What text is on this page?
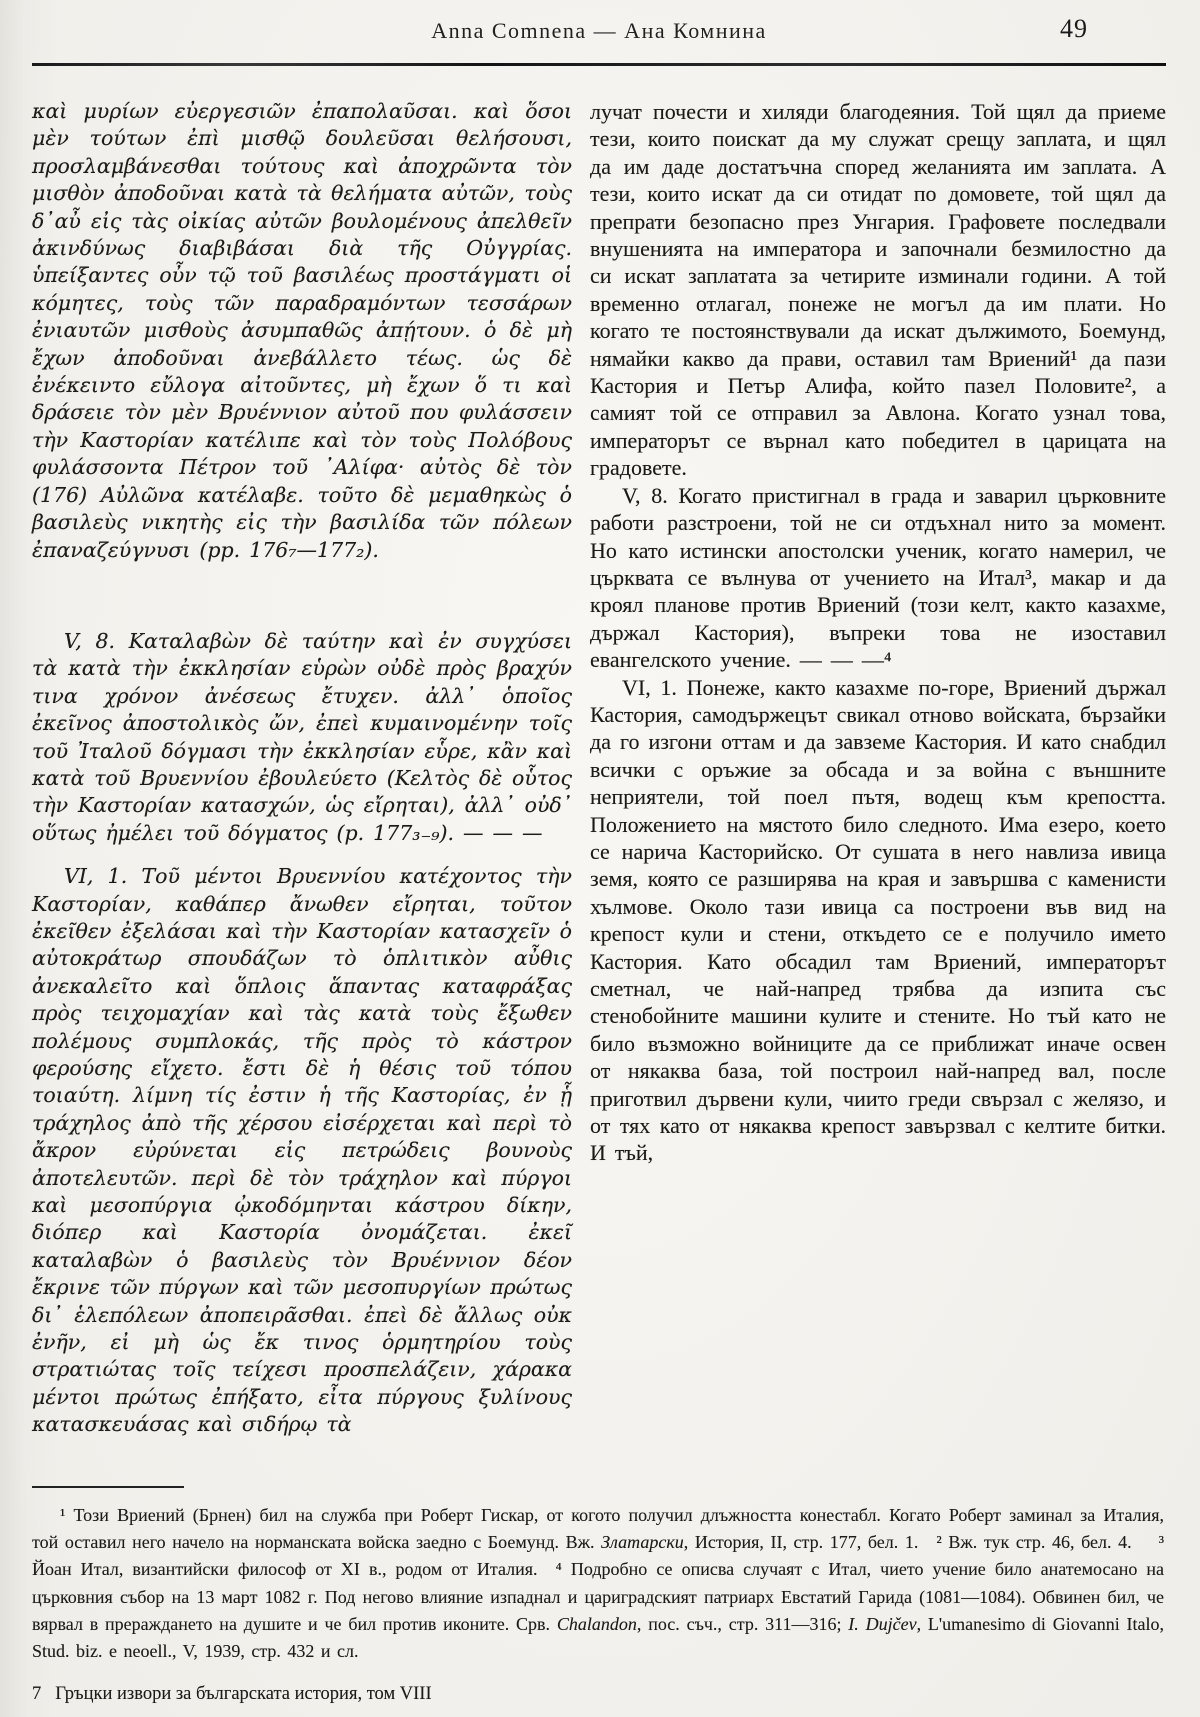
Anna Comnena — Ана Комнина	49

καὶ μυρίων εὐεργεσιῶν ἐπαπολαῦσαι. καὶ ὅσοι μὲν τούτων ἐπὶ μισθῷ δουλεῦσαι θελήσουσι, προσλαμβάνεσθαι τούτους καὶ ἀποχρῶντα τὸν μισθὸν ἀποδοῦναι κατὰ τὰ θελήματα αὐτῶν, τοὺς δ᾽αὖ εἰς τὰς οἰκίας αὐτῶν βουλομένους ἀπελθεῖν ἀκινδύνως διαβιβάσαι διὰ τῆς Οὐγγρίας. ὑπείξαντες οὖν τῷ τοῦ βασιλέως προστάγματι οἱ κόμητες, τοὺς τῶν παραδραμόντων τεσσάρων ἐνιαυτῶν μισθοὺς ἀσυμπαθῶς ἀπῄτουν. ὁ δὲ μὴ ἔχων ἀποδοῦναι ἀνεβάλλετο τέως. ὡς δὲ ἐνέκειντο εὔλογα αἰτοῦντες, μὴ ἔχων ὅ τι καὶ δράσειε τὸν μὲν Βρυέννιον αὐτοῦ που φυλάσσειν τὴν Καστορίαν κατέλιπε καὶ τὸν τοὺς Πολόβους φυλάσσοντα Πέτρον τοῦ ᾽Αλίφα· αὐτὸς δὲ τὸν (176) Αὐλῶνα κατέλαβε. τοῦτο δὲ μεμαθηκὼς ὁ βασιλεὺς νικητὴς εἰς τὴν βασιλίδα τῶν πόλεων ἐπαναζεύγνυσι (pp. 176₇—177₂).

V, 8. Καταλαβὼν δὲ ταύτην καὶ ἐν συγχύσει τὰ κατὰ τὴν ἐκκλησίαν εὑρὼν οὐδὲ πρὸς βραχύν τινα χρόνον ἀνέσεως ἔτυχεν. ἀλλ᾽ ὁποῖος ἐκεῖνος ἀποστολικὸς ὤν, ἐπεὶ κυμαινομένην τοῖς τοῦ Ἰταλοῦ δόγμασι τὴν ἐκκλησίαν εὗρε, κἂν καὶ κατὰ τοῦ Βρυεννίου ἐβουλεύετο (Κελτὸς δὲ οὗτος τὴν Καστορίαν κατασχών, ὡς εἴρηται), ἀλλ᾽ οὐδ᾽ οὕτως ἠμέλει τοῦ δόγματος (p. 177₃₋₉). — — —

VI, 1. Τοῦ μέντοι Βρυεννίου κατέχοντος τὴν Καστορίαν, καθάπερ ἄνωθεν εἴρηται, τοῦτον ἐκεῖθεν ἐξελάσαι καὶ τὴν Καστορίαν κατασχεῖν ὁ αὐτοκράτωρ σπουδάζων τὸ ὁπλιτικὸν αὖθις ἀνεκαλεῖτο καὶ ὅπλοις ἅπαντας καταφράξας πρὸς τειχομαχίαν καὶ τὰς κατὰ τοὺς ἔξωθεν πολέμους συμπλοκάς, τῆς πρὸς τὸ κάστρον φερούσης εἴχετο. ἔστι δὲ ἡ θέσις τοῦ τόπου τοιαύτη. λίμνη τίς ἐστιν ἡ τῆς Καστορίας, ἐν ᾗ τράχηλος ἀπὸ τῆς χέρσου εἰσέρχεται καὶ περὶ τὸ ἄκρον εὐρύνεται εἰς πετρώδεις βουνοὺς ἀποτελευτῶν. περὶ δὲ τὸν τράχηλον καὶ πύργοι καὶ μεσοπύργια ᾠκοδόμηνται κάστρου δίκην, διόπερ καὶ Καστορία ὀνομάζεται. ἐκεῖ καταλαβὼν ὁ βασιλεὺς τὸν Βρυέννιον δέον ἔκρινε τῶν πύργων καὶ τῶν μεσοπυργίων πρώτως δι᾽ ἑλεπόλεων ἀποπειρᾶσθαι. ἐπεὶ δὲ ἄλλως οὐκ ἐνῆν, εἰ μὴ ὡς ἔκ τινος ὁρμητηρίου τοὺς στρατιώτας τοῖς τείχεσι προσπελάζειν, χάρακα μέντοι πρώτως ἐπήξατο, εἶτα πύργους ξυλίνους κατασκευάσας καὶ σιδήρῳ τὰ

лучат почести и хиляди благодеяния. Той щял да приеме тези, които поискат да му служат срещу заплата, и щял да им даде достатъчна според желанията им заплата. А тези, които искат да си отидат по домовете, той щял да препрати безопасно през Унгария. Графовете последвали внушенията на императора и започнали безмилостно да си искат заплатата за четирите изминали години. А той временно отлагал, понеже не могъл да им плати. Но когато те постоянствували да искат дължимото, Боемунд, нямайки какво да прави, оставил там Вриений¹ да пази Кастория и Петър Алифа, който пазел Половите², а самият той се отправил за Авлона. Когато узнал това, императорът се върнал като победител в царицата на градовете.

V, 8. Когато пристигнал в града и заварил църковните работи разстроени, той не си отдъхнал нито за момент. Но като истински апостолски ученик, когато намерил, че църквата се вълнува от учението на Итал³, макар и да кроял планове против Вриений (този келт, както казахме, държал Кастория), въпреки това не изоставил евангелското учение. — — —⁴

VI, 1. Понеже, както казахме по-горе, Вриений държал Кастория, самодържецът свикал отново войската, бързайки да го изгони оттам и да завземе Кастория. И като снабдил всички с оръжие за обсада и за война с външните неприятели, той поел пътя, водещ към крепостта. Положението на мястото било следното. Има езеро, което се нарича Касторийско. От сушата в него навлиза ивица земя, която се разширява на края и завършва с каменисти хълмове. Около тази ивица са построени във вид на крепост кули и стени, откъдето се е получило името Кастория. Като обсадил там Вриений, императорът сметнал, че най-напред трябва да изпита със стенобойните машини кулите и стените. Но тъй като не било възможно войниците да се приближат иначе освен от някаква база, той построил най-напред вал, после приготвил дървени кули, чиито греди свързал с желязо, и от тях като от някаква крепост завързвал с келтите битки. И тъй,

¹ Този Вриений (Брнен) бил на служба при Роберт Гискар, от когото получил длъжността конестабл. Когато Роберт заминал за Италия, той оставил него начело на норманската войска заедно с Боемунд. Вж. Златарски, История, II, стр. 177, бел. 1.  ² Вж. тук стр. 46, бел. 4.   ³ Йоан Итал, византийски философ от XI в., родом от Италия.  ⁴ Подробно се описва случаят с Итал, чието учение било анатемосано на църковния събор на 13 март 1082 г. Под негово влияние изпаднал и цариградският патриарх Евстатий Гарида (1081—1084). Обвинен бил, че вярвал в прераждането на душите и че бил против иконите. Срв. Chalandon, пос. съч., стр. 311—316; I. Dujčev, L'umanesimo di Giovanni Italo, Stud. biz. e neoell., V, 1939, стр. 432 и сл.
7 Гръцки извори за българската история, том VIII
